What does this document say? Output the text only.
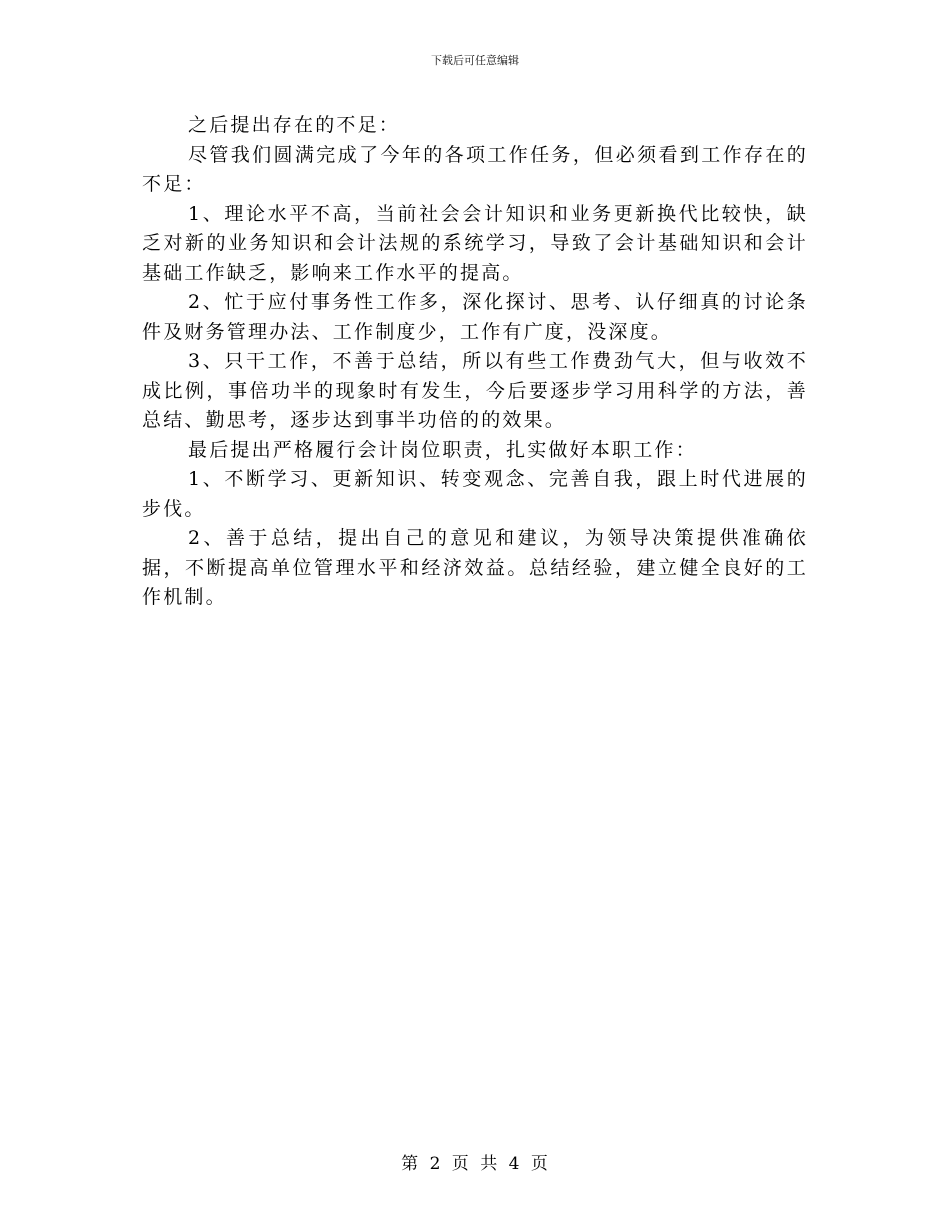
下载后可任意编辑

之后提出存在的不足：

尽管我们圆满完成了今年的各项工作任务，但必须看到工作存在的不足：

1、理论水平不高，当前社会会计知识和业务更新换代比较快，缺乏对新的业务知识和会计法规的系统学习，导致了会计基础知识和会计基础工作缺乏，影响来工作水平的提高。

2、忙于应付事务性工作多，深化探讨、思考、认仔细真的讨论条件及财务管理办法、工作制度少，工作有广度，没深度。

3、只干工作，不善于总结，所以有些工作费劲气大，但与收效不成比例，事倍功半的现象时有发生，今后要逐步学习用科学的方法，善总结、勤思考，逐步达到事半功倍的的效果。

最后提出严格履行会计岗位职责，扎实做好本职工作：

1、不断学习、更新知识、转变观念、完善自我，跟上时代进展的步伐。

2、善于总结，提出自己的意见和建议，为领导决策提供准确依据，不断提高单位管理水平和经济效益。总结经验，建立健全良好的工作机制。

第 2 页 共 4 页
